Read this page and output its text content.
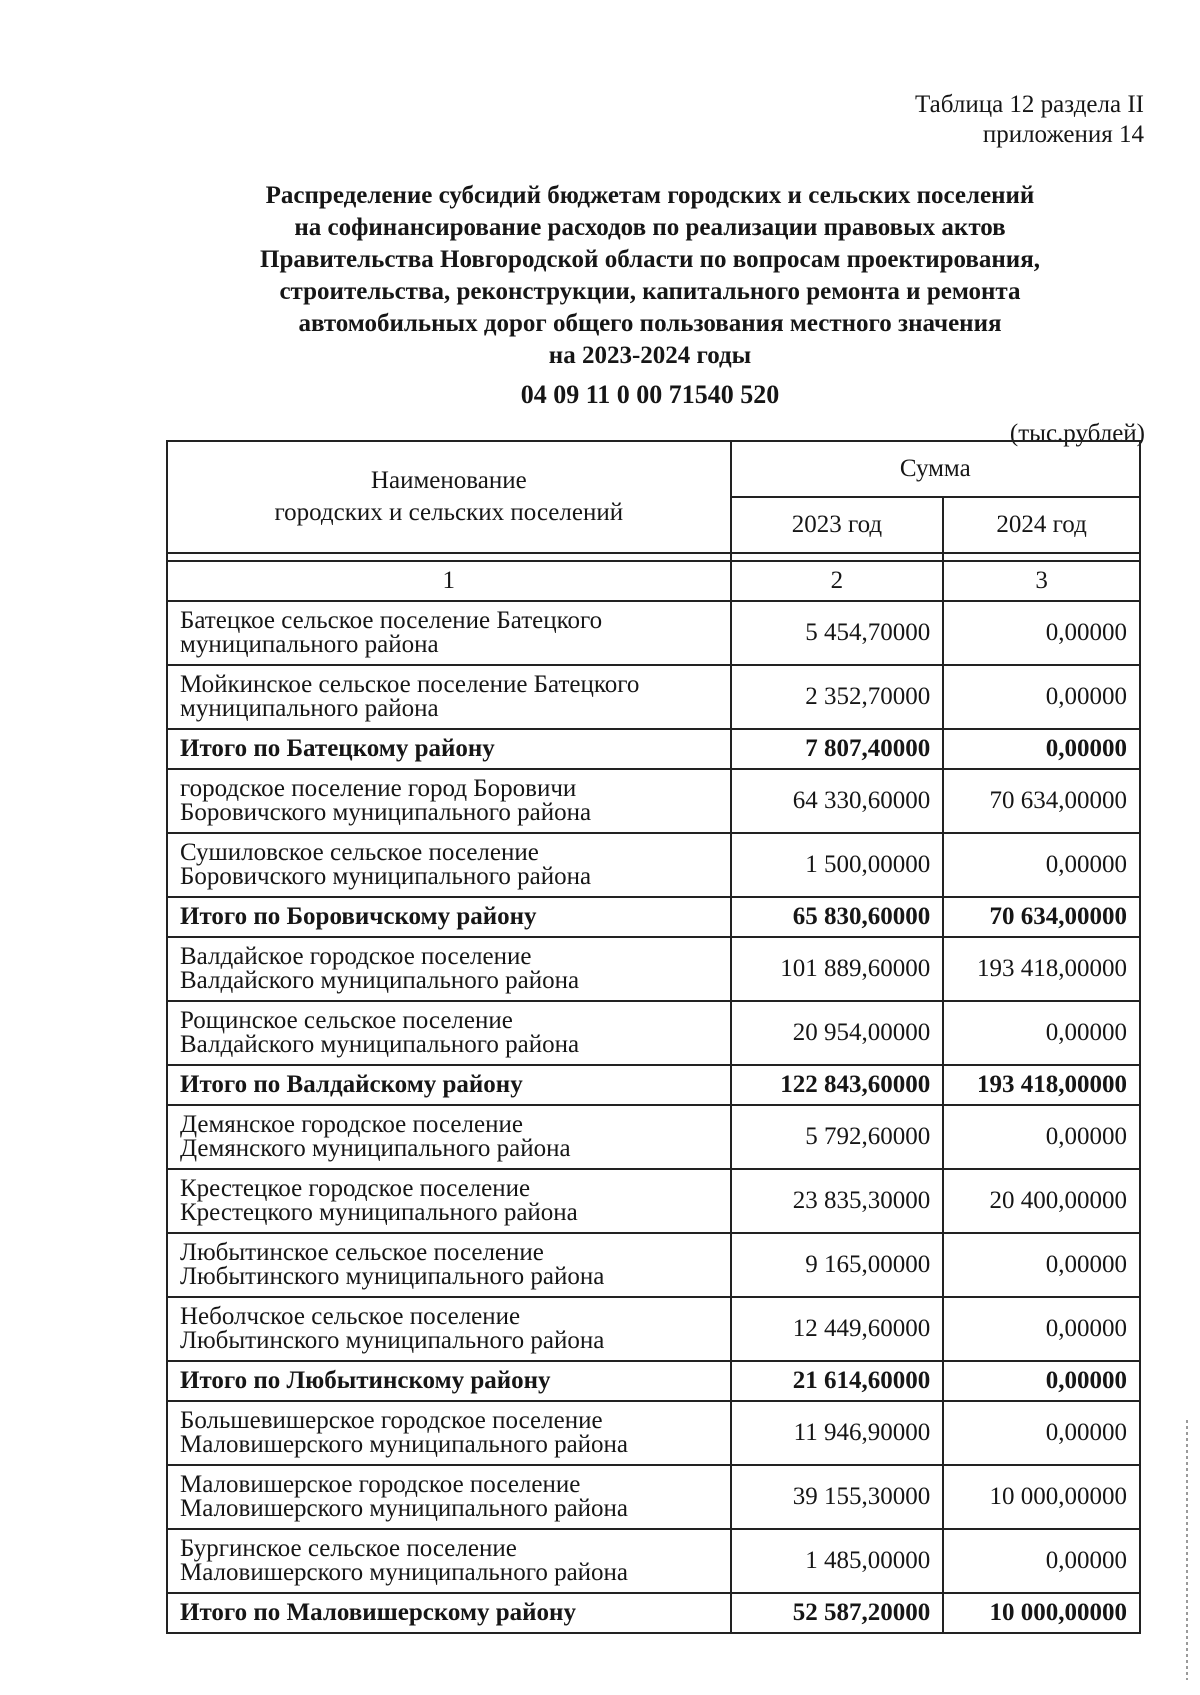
Таблица 12 раздела II
приложения 14
Распределение субсидий бюджетам городских и сельских поселений
на софинансирование расходов по реализации правовых актов
Правительства Новгородской области по вопросам проектирования,
строительства, реконструкции, капитального ремонта и ремонта
автомобильных дорог общего пользования местного значения
на 2023-2024 годы
04 09 11 0 00 71540 520
(тыс.рублей)
Наименование
городских и сельских поселений	Сумма	
	2023 год	2024 год

1	2	3

Батецкое сельское поселение Батецкого
муниципального района	5 454,70000	0,00000

Мойкинское сельское поселение Батецкого
муниципального района	2 352,70000	0,00000

Итого по Батецкому району	7 807,40000	0,00000

городское поселение город Боровичи
Боровичского муниципального района	64 330,60000	70 634,00000

Сушиловское сельское поселение
Боровичского муниципального района	1 500,00000	0,00000

Итого по Боровичскому району	65 830,60000	70 634,00000

Валдайское городское поселение
Валдайского муниципального района	101 889,60000	193 418,00000

Рощинское сельское поселение
Валдайского муниципального района	20 954,00000	0,00000

Итого по Валдайскому району	122 843,60000	193 418,00000

Демянское городское поселение
Демянского муниципального района	5 792,60000	0,00000

Крестецкое городское поселение
Крестецкого муниципального района	23 835,30000	20 400,00000

Любытинское сельское поселение
Любытинского муниципального района	9 165,00000	0,00000

Неболчское сельское поселение
Любытинского муниципального района	12 449,60000	0,00000

Итого по Любытинскому району	21 614,60000	0,00000

Большевишерское городское поселение
Маловишерского муниципального района	11 946,90000	0,00000

Маловишерское городское поселение
Маловишерского муниципального района	39 155,30000	10 000,00000

Бургинское сельское поселение
Маловишерского муниципального района	1 485,00000	0,00000

Итого по Маловишерскому району	52 587,20000	10 000,00000
